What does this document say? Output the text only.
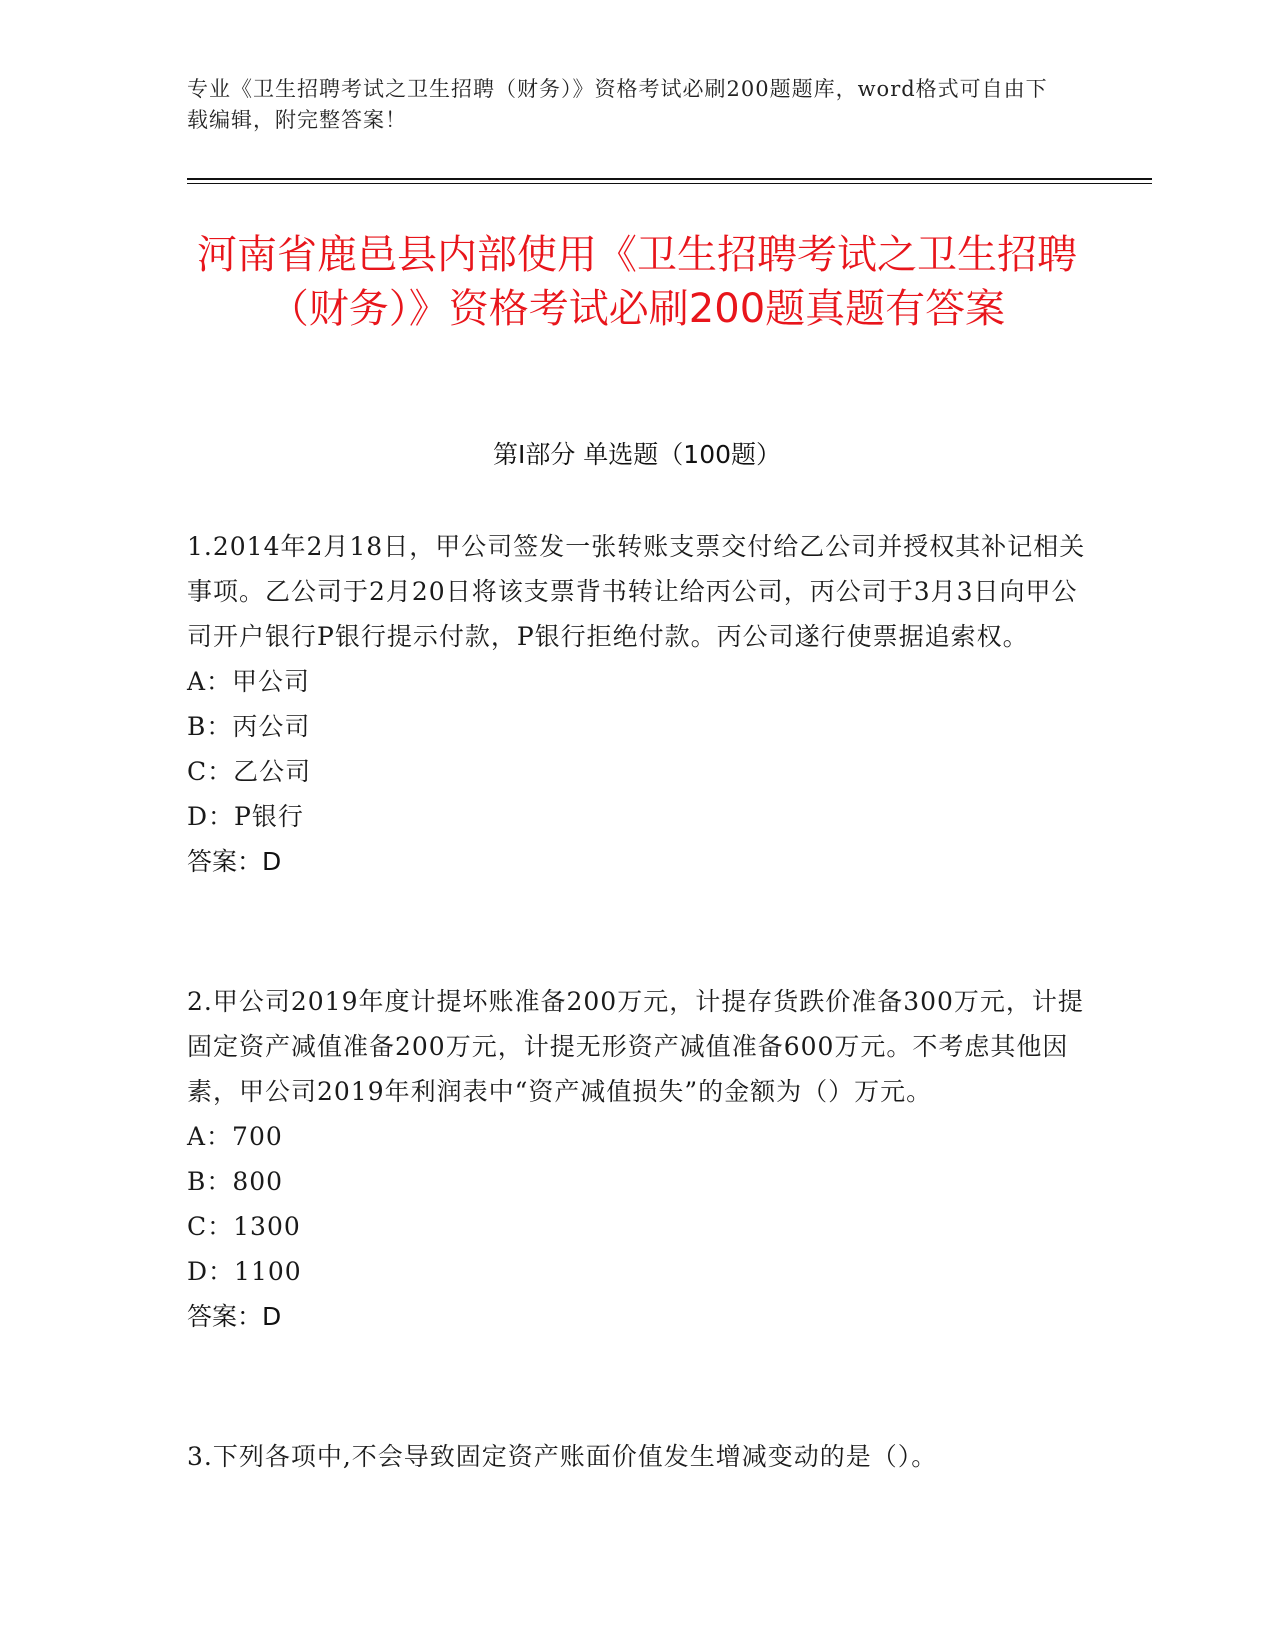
专业《卫生招聘考试之卫生招聘（财务）》资格考试必刷200题题库，word格式可自由下载编辑，附完整答案！
河南省鹿邑县内部使用《卫生招聘考试之卫生招聘（财务）》资格考试必刷200题真题有答案
第Ⅰ部分 单选题（100题）
1.2014年2月18日，甲公司签发一张转账支票交付给乙公司并授权其补记相关事项。乙公司于2月20日将该支票背书转让给丙公司，丙公司于3月3日向甲公司开户银行P银行提示付款，P银行拒绝付款。丙公司遂行使票据追索权。
A：甲公司
B：丙公司
C：乙公司
D：P银行
答案：D
2.甲公司2019年度计提坏账准备200万元，计提存货跌价准备300万元，计提固定资产减值准备200万元，计提无形资产减值准备600万元。不考虑其他因素，甲公司2019年利润表中“资产减值损失”的金额为（）万元。
A：700
B：800
C：1300
D：1100
答案：D
3.下列各项中,不会导致固定资产账面价值发生增减变动的是（）。
